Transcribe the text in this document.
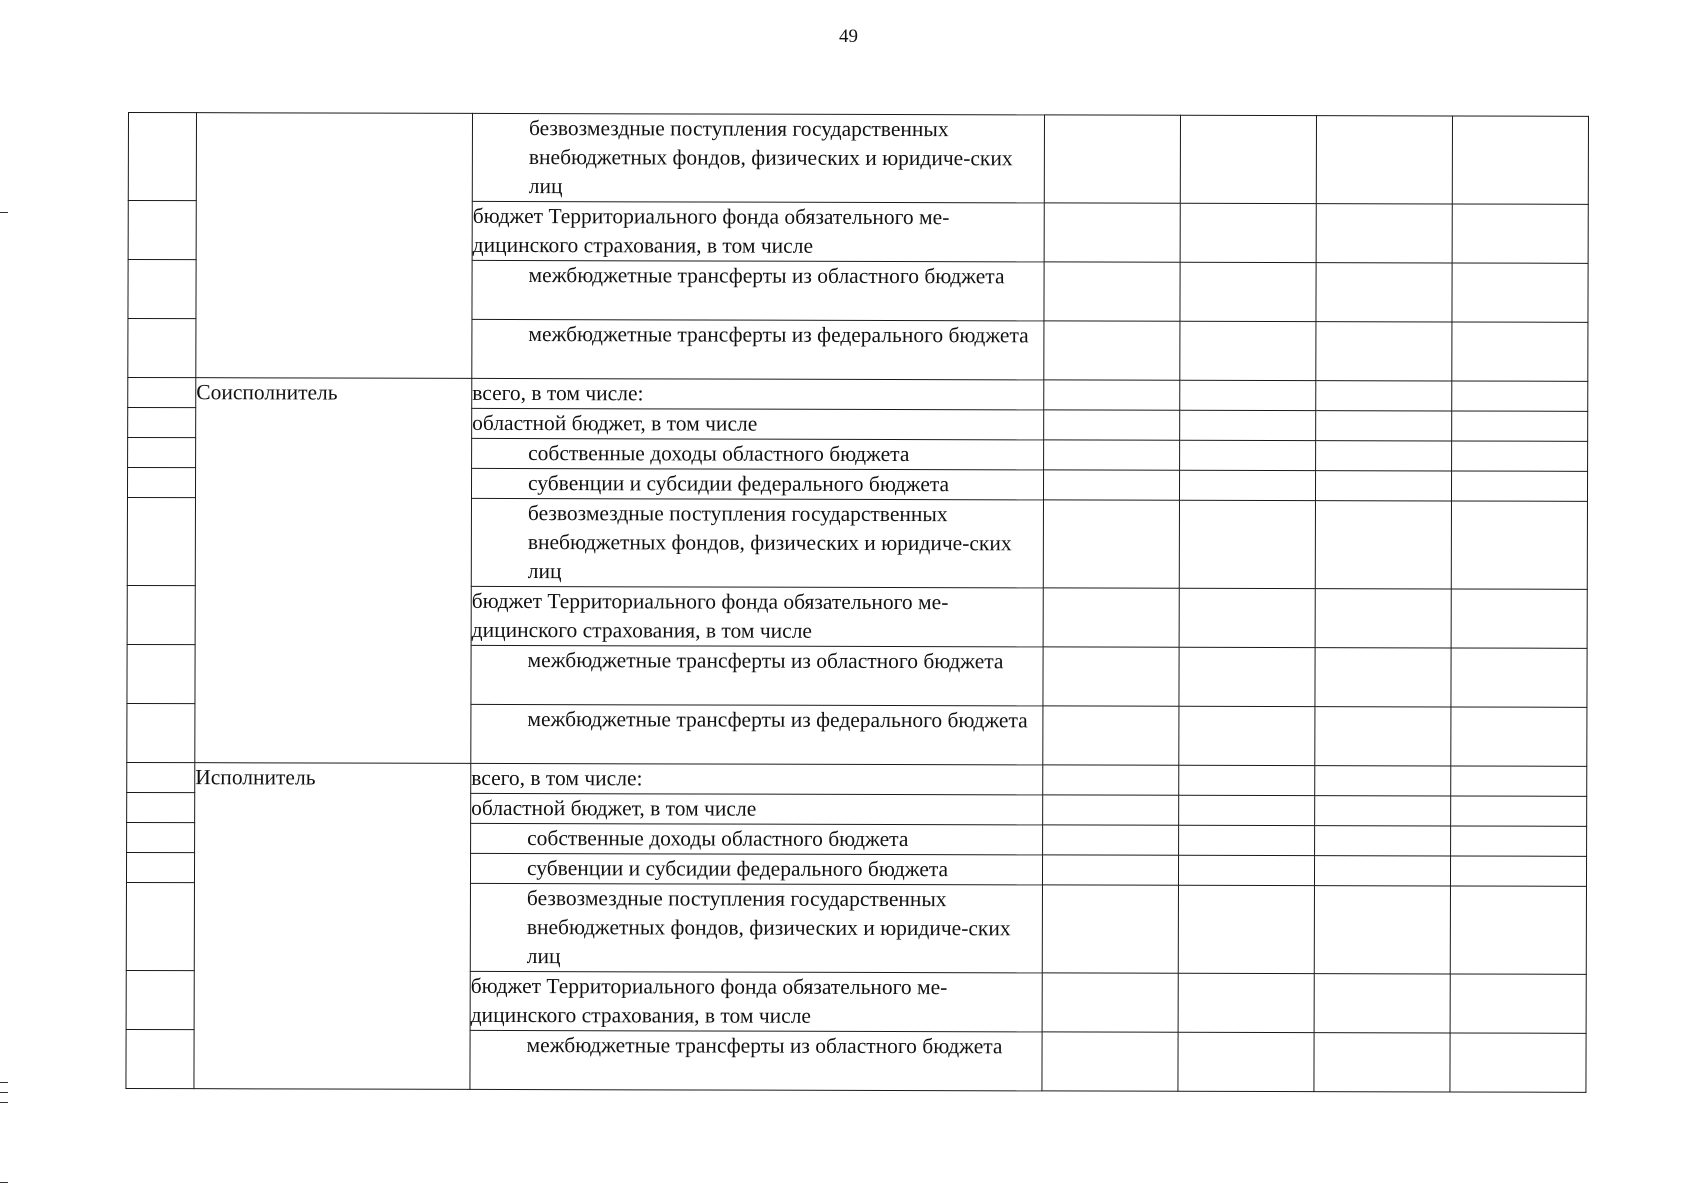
49
		безвозмездные поступления государственных внебюджетных фондов, физических и юридиче-ских лиц				
		бюджет Территориального фонда обязательного ме-дицинского страхования, в том числе				
		межбюджетные трансферты из областного бюджета				
		межбюджетные трансферты из федерального бюджета				
	Соисполнитель	всего, в том числе:				
		областной бюджет, в том числе				
		собственные доходы областного бюджета				
		субвенции и субсидии федерального бюджета				
		безвозмездные поступления государственных внебюджетных фондов, физических и юридиче-ских лиц				
		бюджет Территориального фонда обязательного ме-дицинского страхования, в том числе				
		межбюджетные трансферты из областного бюджета				
		межбюджетные трансферты из федерального бюджета				
	Исполнитель	всего, в том числе:				
		областной бюджет, в том числе				
		собственные доходы областного бюджета				
		субвенции и субсидии федерального бюджета				
		безвозмездные поступления государственных внебюджетных фондов, физических и юридиче-ских лиц				
		бюджет Территориального фонда обязательного ме-дицинского страхования, в том числе				
		межбюджетные трансферты из областного бюджета				
